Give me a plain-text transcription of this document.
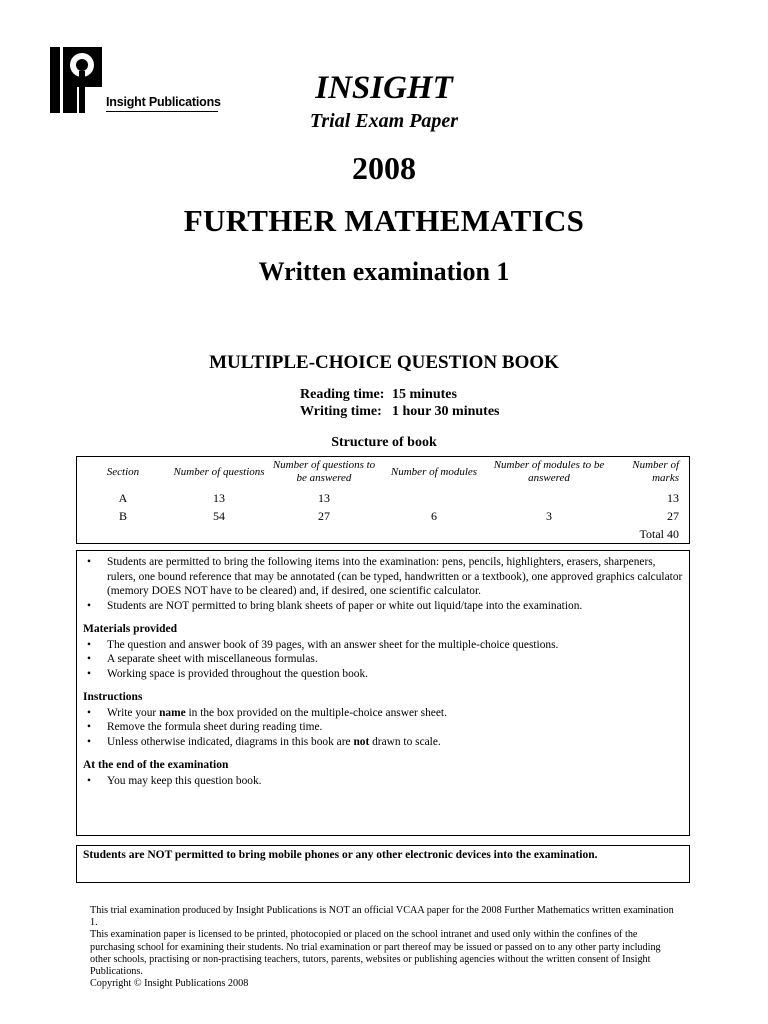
Insight Publications	INSIGHT
Trial Exam Paper
2008
FURTHER MATHEMATICS
Written examination 1
MULTIPLE-CHOICE QUESTION BOOK
Reading time: 15 minutes
Writing time: 1 hour 30 minutes
Structure of book
Section	Number of questions	Number of questions to be answered	Number of modules	Number of modules to be answered	Number of marks
A	13	13			13
B	54	27	6	3	27
Total 40					
• Students are permitted to bring the following items into the examination: pens, pencils, highlighters, erasers, sharpeners, rulers, one bound reference that may be annotated (can be typed, handwritten or a textbook), one approved graphics calculator (memory DOES NOT have to be cleared) and, if desired, one scientific calculator.
• Students are NOT permitted to bring blank sheets of paper or white out liquid/tape into the examination.
Materials provided
• The question and answer book of 39 pages, with an answer sheet for the multiple-choice questions.
• A separate sheet with miscellaneous formulas.
• Working space is provided throughout the question book.
Instructions
• Write your name in the box provided on the multiple-choice answer sheet.
• Remove the formula sheet during reading time.
• Unless otherwise indicated, diagrams in this book are not drawn to scale.
At the end of the examination
• You may keep this question book.
Students are NOT permitted to bring mobile phones or any other electronic devices into the examination.

This trial examination produced by Insight Publications is NOT an official VCAA paper for the 2008 Further Mathematics written examination 1.

This examination paper is licensed to be printed, photocopied or placed on the school intranet and used only within the confines of the purchasing school for examining their students. No trial examination or part thereof may be issued or passed on to any other party including other schools, practising or non-practising teachers, tutors, parents, websites or publishing agencies without the written consent of Insight Publications.

Copyright © Insight Publications 2008
